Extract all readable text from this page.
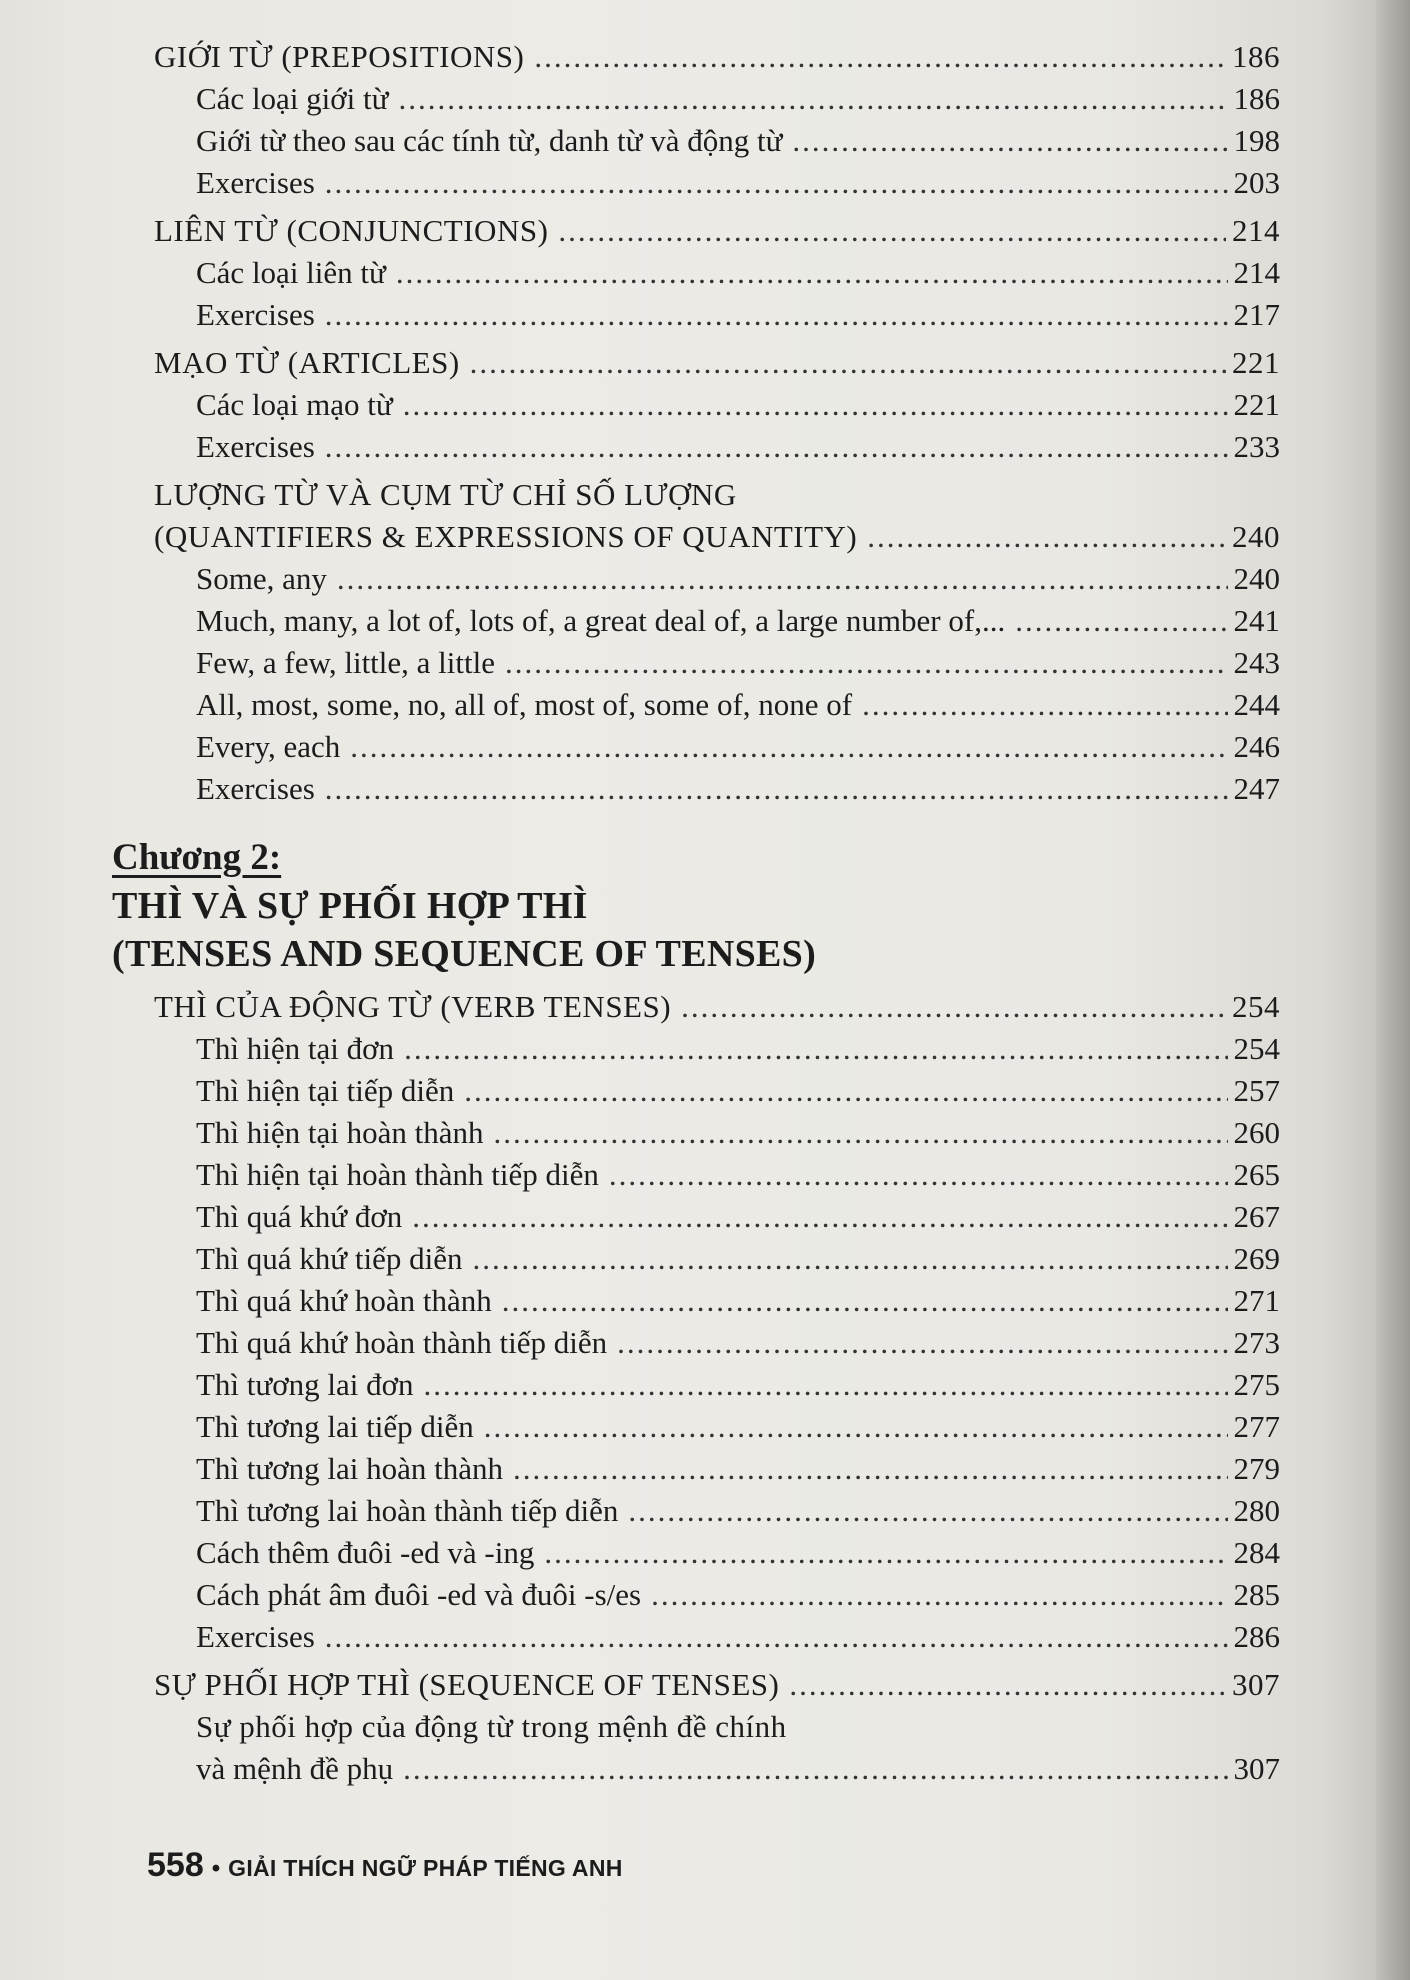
GIỚI TỪ (PREPOSITIONS) .....	186
Các loại giới từ .....	186
Giới từ theo sau các tính từ, danh từ và động từ .....	198
Exercises .....	203
LIÊN TỪ (CONJUNCTIONS) .....	214
Các loại liên từ .....	214
Exercises .....	217
MẠO TỪ (ARTICLES) .....	221
Các loại mạo từ .....	221
Exercises .....	233
LƯỢNG TỪ VÀ CỤM TỪ CHỈ SỐ LƯỢNG
(QUANTIFIERS & EXPRESSIONS OF QUANTITY) .....	240
Some, any .....	240
Much, many, a lot of, lots of, a great deal of, a large number of,... .....	241
Few, a few, little, a little .....	243
All, most, some, no, all of, most of, some of, none of .....	244
Every, each .....	246
Exercises .....	247
Chương 2:
THÌ VÀ SỰ PHỐI HỢP THÌ
(TENSES AND SEQUENCE OF TENSES)
THÌ CỦA ĐỘNG TỪ (VERB TENSES) .....	254
Thì hiện tại đơn .....	254
Thì hiện tại tiếp diễn .....	257
Thì hiện tại hoàn thành .....	260
Thì hiện tại hoàn thành tiếp diễn .....	265
Thì quá khứ đơn .....	267
Thì quá khứ tiếp diễn .....	269
Thì quá khứ hoàn thành .....	271
Thì quá khứ hoàn thành tiếp diễn .....	273
Thì tương lai đơn .....	275
Thì tương lai tiếp diễn .....	277
Thì tương lai hoàn thành .....	279
Thì tương lai hoàn thành tiếp diễn .....	280
Cách thêm đuôi -ed và -ing .....	284
Cách phát âm đuôi -ed và đuôi -s/es .....	285
Exercises .....	286
SỰ PHỐI HỢP THÌ (SEQUENCE OF TENSES) .....	307
Sự phối hợp của động từ trong mệnh đề chính
và mệnh đề phụ .....	307
558 • GIẢI THÍCH NGỮ PHÁP TIẾNG ANH
